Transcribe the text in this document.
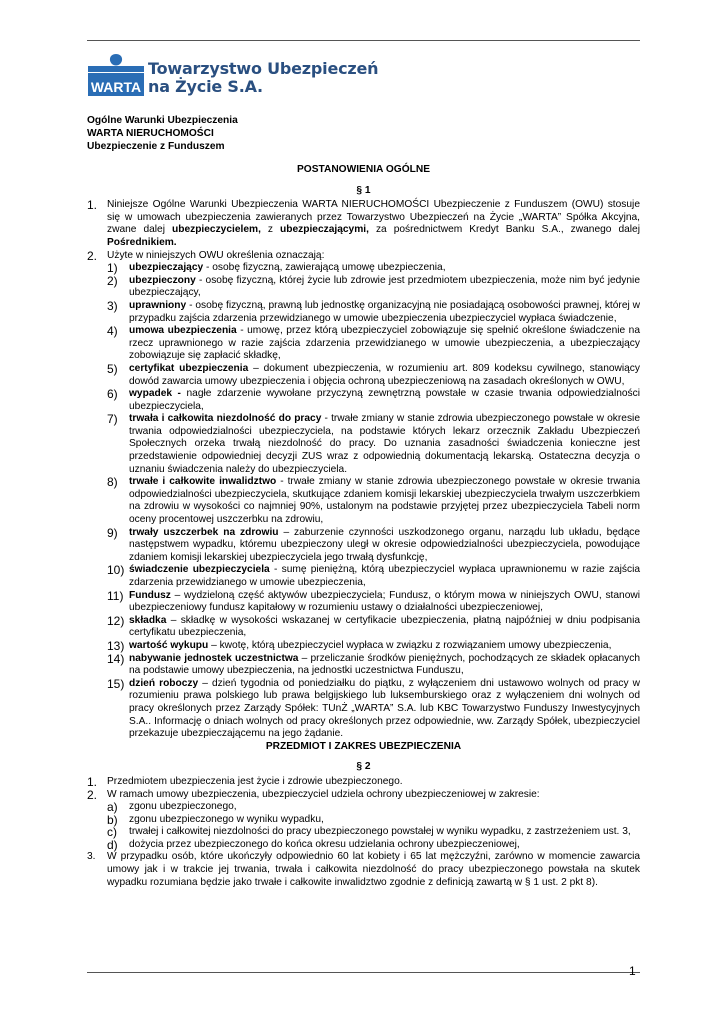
WARTA
Towarzystwo Ubezpieczeń
na Życie S.A.
Ogólne Warunki Ubezpieczenia
WARTA NIERUCHOMOŚCI
Ubezpieczenie z Funduszem
POSTANOWIENIA OGÓLNE
§ 1
1. Niniejsze Ogólne Warunki Ubezpieczenia WARTA NIERUCHOMOŚCI Ubezpieczenie z Funduszem (OWU) stosuje się w umowach ubezpieczenia zawieranych przez Towarzystwo Ubezpieczeń na Życie „WARTA” Spółka Akcyjna, zwane dalej ubezpieczycielem, z ubezpieczającymi, za pośrednictwem Kredyt Banku S.A., zwanego dalej Pośrednikiem.
2. Użyte w niniejszych OWU określenia oznaczają:
1) ubezpieczający - osobę fizyczną, zawierającą umowę ubezpieczenia,
2) ubezpieczony - osobę fizyczną, której życie lub zdrowie jest przedmiotem ubezpieczenia, może nim być jedynie ubezpieczający,
3) uprawniony - osobę fizyczną, prawną lub jednostkę organizacyjną nie posiadającą osobowości prawnej, której w przypadku zajścia zdarzenia przewidzianego w umowie ubezpieczenia ubezpieczyciel wypłaca świadczenie,
4) umowa ubezpieczenia - umowę, przez którą ubezpieczyciel zobowiązuje się spełnić określone świadczenie na rzecz uprawnionego w razie zajścia zdarzenia przewidzianego w umowie ubezpieczenia, a ubezpieczający zobowiązuje się zapłacić składkę,
5) certyfikat ubezpieczenia – dokument ubezpieczenia, w rozumieniu art. 809 kodeksu cywilnego, stanowiący dowód zawarcia umowy ubezpieczenia i objęcia ochroną ubezpieczeniową na zasadach określonych w OWU,
6) wypadek - nagłe zdarzenie wywołane przyczyną zewnętrzną powstałe w czasie trwania odpowiedzialności ubezpieczyciela,
7) trwała i całkowita niezdolność do pracy - trwałe zmiany w stanie zdrowia ubezpieczonego powstałe w okresie trwania odpowiedzialności ubezpieczyciela, na podstawie których lekarz orzecznik Zakładu Ubezpieczeń Społecznych orzeka trwałą niezdolność do pracy. Do uznania zasadności świadczenia konieczne jest przedstawienie odpowiedniej decyzji ZUS wraz z odpowiednią dokumentacją lekarską. Ostateczna decyzja o uznaniu świadczenia należy do ubezpieczyciela.
8) trwałe i całkowite inwalidztwo - trwałe zmiany w stanie zdrowia ubezpieczonego powstałe w okresie trwania odpowiedzialności ubezpieczyciela, skutkujące zdaniem komisji lekarskiej ubezpieczyciela trwałym uszczerbkiem na zdrowiu w wysokości co najmniej 90%, ustalonym na podstawie przyjętej przez ubezpieczyciela Tabeli norm oceny procentowej uszczerbku na zdrowiu,
9) trwały uszczerbek na zdrowiu – zaburzenie czynności uszkodzonego organu, narządu lub układu, będące następstwem wypadku, któremu ubezpieczony uległ w okresie odpowiedzialności ubezpieczyciela, powodujące zdaniem komisji lekarskiej ubezpieczyciela jego trwałą dysfunkcję,
10) świadczenie ubezpieczyciela - sumę pieniężną, którą ubezpieczyciel wypłaca uprawnionemu w razie zajścia zdarzenia przewidzianego w umowie ubezpieczenia,
11) Fundusz – wydzieloną część aktywów ubezpieczyciela; Fundusz, o którym mowa w niniejszych OWU, stanowi ubezpieczeniowy fundusz kapitałowy w rozumieniu ustawy o działalności ubezpieczeniowej,
12) składka – składkę w wysokości wskazanej w certyfikacie ubezpieczenia, płatną najpóźniej w dniu podpisania certyfikatu ubezpieczenia,
13) wartość wykupu – kwotę, którą ubezpieczyciel wypłaca w związku z rozwiązaniem umowy ubezpieczenia,
14) nabywanie jednostek uczestnictwa – przeliczanie środków pieniężnych, pochodzących ze składek opłacanych na podstawie umowy ubezpieczenia, na jednostki uczestnictwa Funduszu,
15) dzień roboczy – dzień tygodnia od poniedziałku do piątku, z wyłączeniem dni ustawowo wolnych od pracy w rozumieniu prawa polskiego lub prawa belgijskiego lub luksemburskiego oraz z wyłączeniem dni wolnych od pracy określonych przez Zarządy Spółek: TUnŻ „WARTA” S.A. lub KBC Towarzystwo Funduszy Inwestycyjnych S.A.. Informację o dniach wolnych od pracy określonych przez odpowiednie, ww. Zarządy Spółek, ubezpieczyciel przekazuje ubezpieczającemu na jego żądanie.
PRZEDMIOT I ZAKRES UBEZPIECZENIA
§ 2
1. Przedmiotem ubezpieczenia jest życie i zdrowie ubezpieczonego.
2. W ramach umowy ubezpieczenia, ubezpieczyciel udziela ochrony ubezpieczeniowej w zakresie:
a) zgonu ubezpieczonego,
b) zgonu ubezpieczonego w wyniku wypadku,
c) trwałej i całkowitej niezdolności do pracy ubezpieczonego powstałej w wyniku wypadku, z zastrzeżeniem ust. 3,
d) dożycia przez ubezpieczonego do końca okresu udzielania ochrony ubezpieczeniowej,
3. W przypadku osób, które ukończyły odpowiednio 60 lat kobiety i 65 lat mężczyźni, zarówno w momencie zawarcia umowy jak i w trakcie jej trwania, trwała i całkowita niezdolność do pracy ubezpieczonego powstała na skutek wypadku rozumiana będzie jako trwałe i całkowite inwalidztwo zgodnie z definicją zawartą w § 1 ust. 2 pkt 8).
1
